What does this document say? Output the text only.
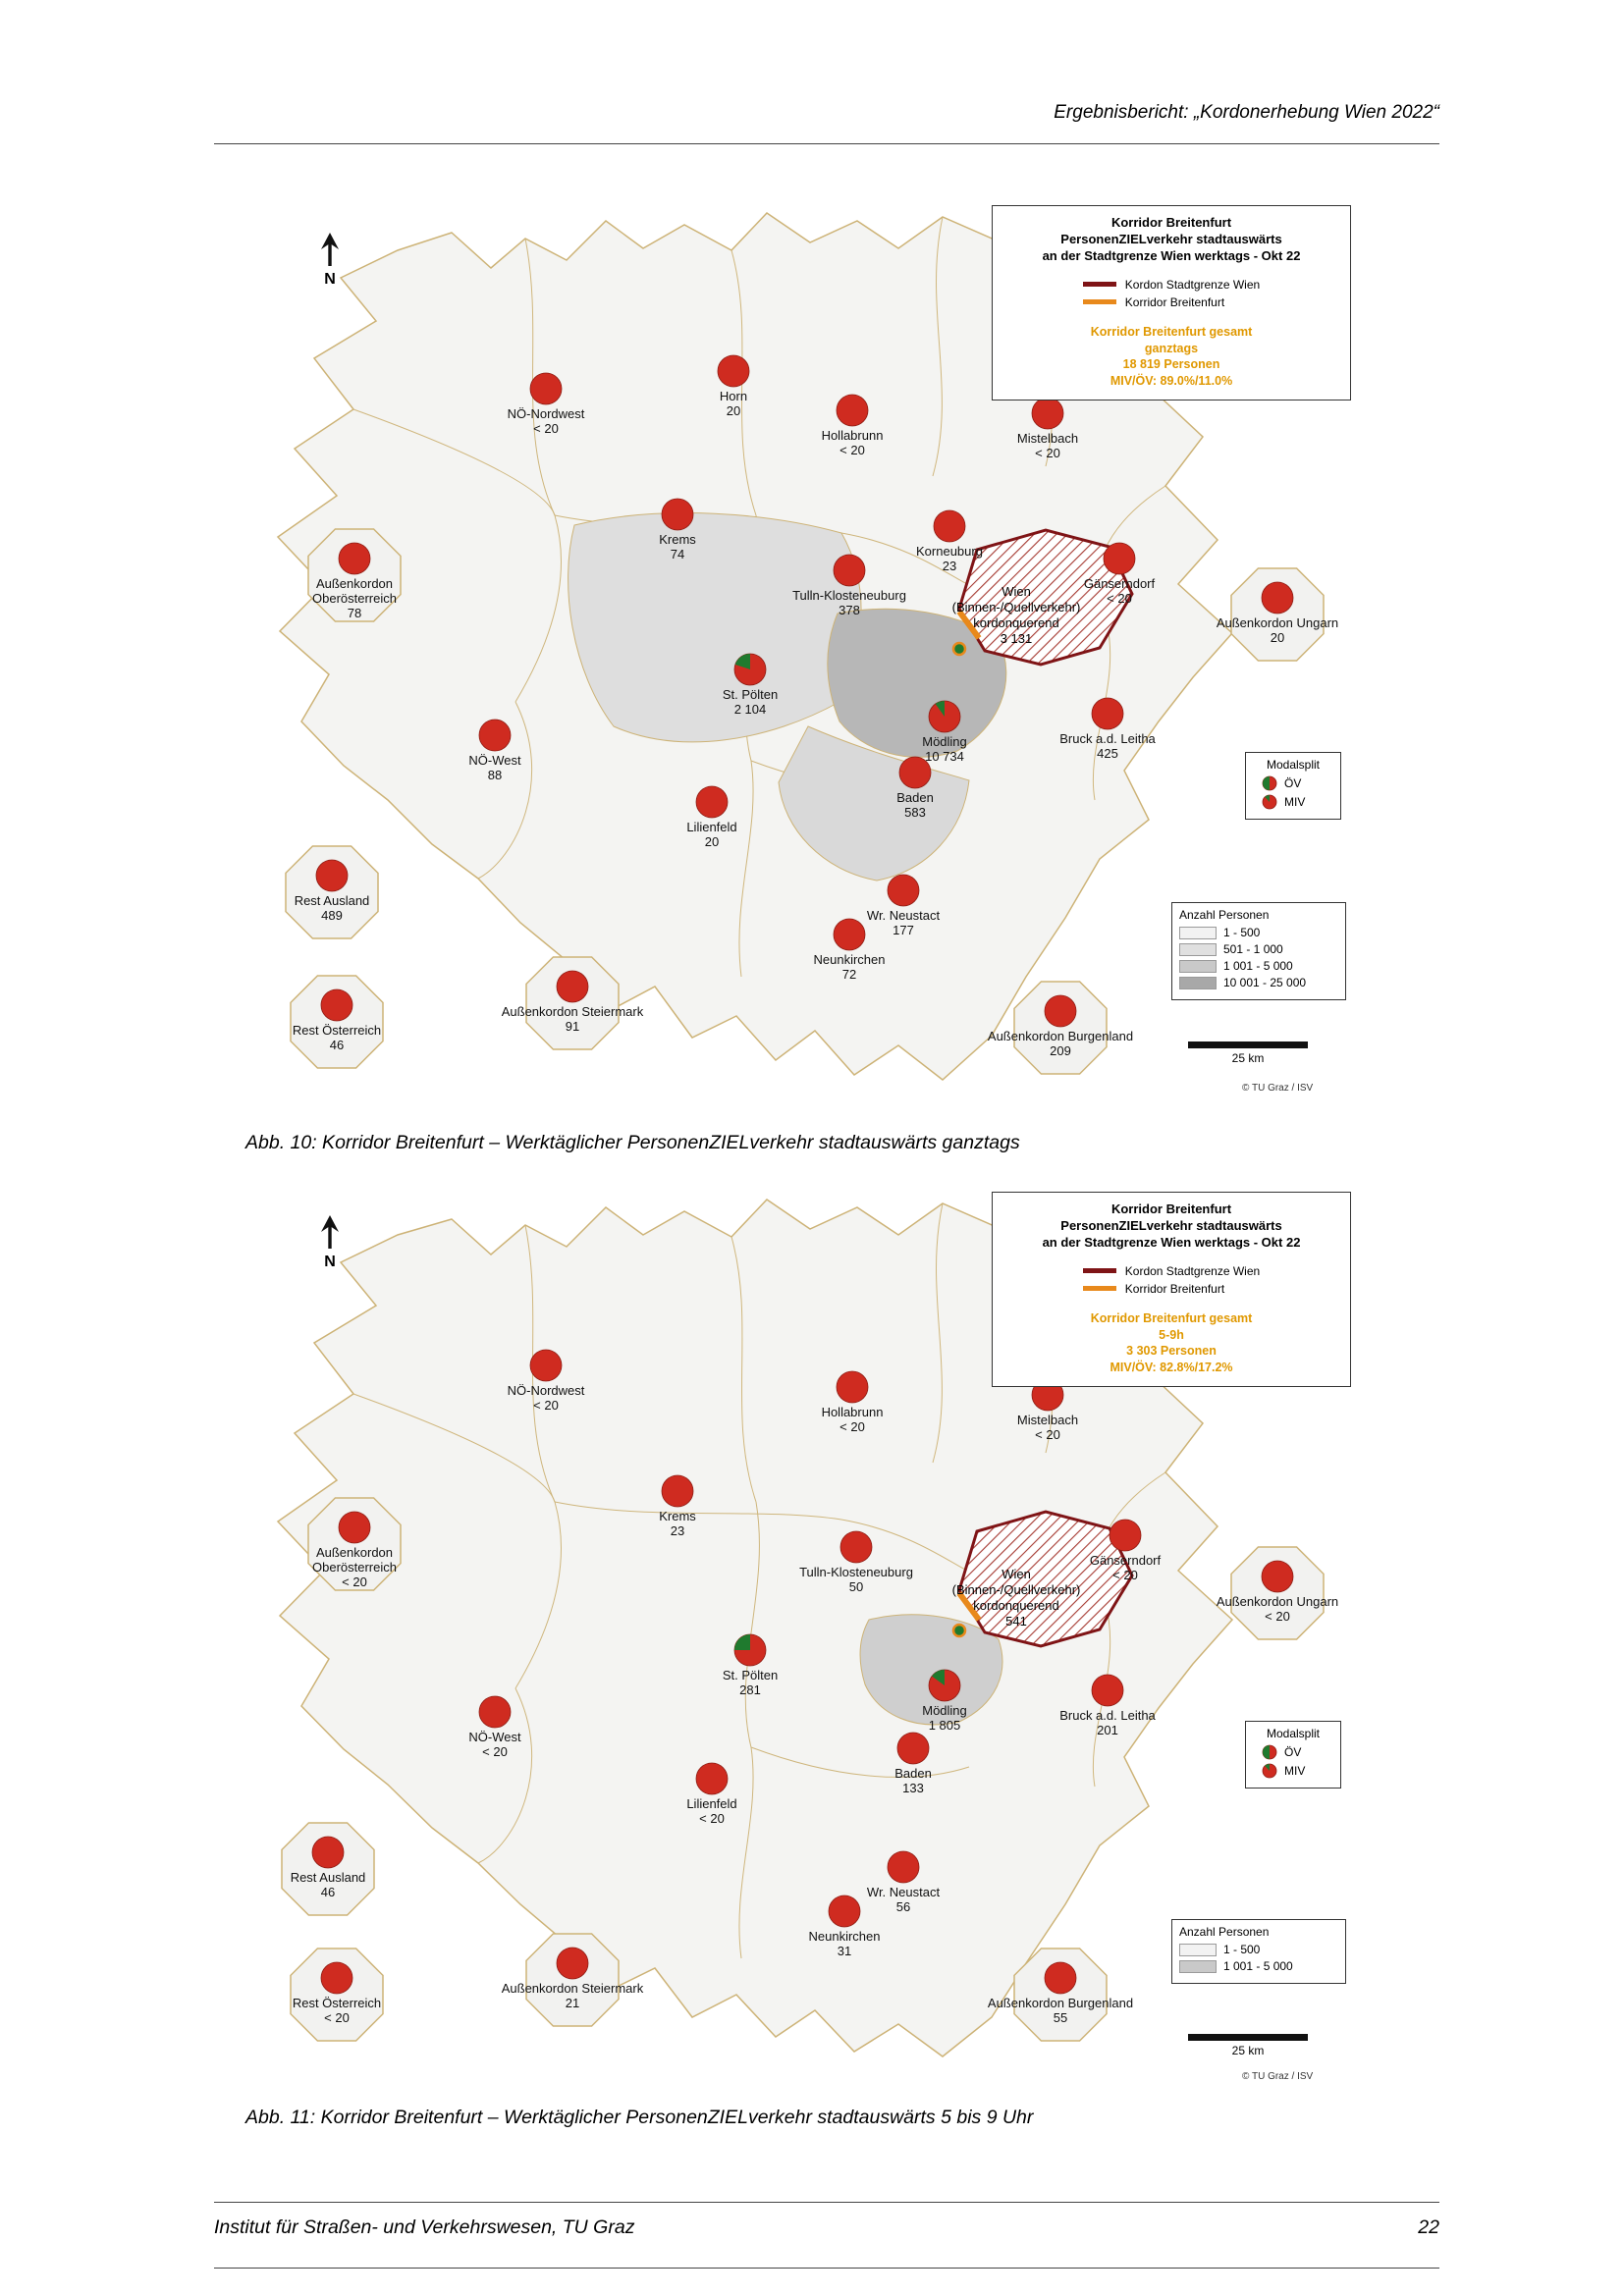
Ergebnisbericht: „Kordonerhebung Wien 2022“
N
Wien
(Binnen-/Quellverkehr)
kordonquerend
3 131
NÖ-Nordwest
< 20
Horn
20
Hollabrunn
< 20
Mistelbach
< 20
Krems
74	Korneuburg
23
Gänserndorf
< 20
Außenkordon Oberösterreich
78
Tulln-Klosteneuburg
378
Außenkordon Ungarn
20
St. Pölten
2 104
Mödling
10 734
Bruck a.d. Leitha
425
NÖ-West
88
Baden
583
Lilienfeld
20
Rest Ausland
489	Wr. Neustact
177
Neunkirchen
72
Rest Österreich
46
Außenkordon Steiermark
91
Außenkordon Burgenland
209
Korridor Breitenfurt
PersonenZIELverkehr stadtauswärts
an der Stadtgrenze Wien werktags - Okt 22
Kordon Stadtgrenze Wien
Korridor Breitenfurt
Korridor Breitenfurt gesamt
ganztags
18 819 Personen
MIV/ÖV: 89.0%/11.0%
Modalsplit
ÖV
MIV
Anzahl Personen
1 - 500
501 - 1 000
1 001 - 5 000
10 001 - 25 000
25 km
© TU Graz / ISV
Abb. 10: Korridor Breitenfurt – Werktäglicher PersonenZIELverkehr stadtauswärts ganztags
N
Wien
(Binnen-/Quellverkehr)
kordonquerend
541
NÖ-Nordwest
< 20	Hollabrunn
< 20	Mistelbach
< 20
Krems
23
Gänserndorf
< 20
Außenkordon Oberösterreich
< 20
Tulln-Klosteneuburg
50
Außenkordon Ungarn
< 20
St. Pölten
281
Mödling
1 805
Bruck a.d. Leitha
201
NÖ-West
< 20
Baden
133
Lilienfeld
< 20
Rest Ausland
46	Wr. Neustact
56
Neunkirchen
31
Rest Österreich
< 20
Außenkordon Steiermark
21	Außenkordon Burgenland
55
Korridor Breitenfurt
PersonenZIELverkehr stadtauswärts
an der Stadtgrenze Wien werktags - Okt 22
Kordon Stadtgrenze Wien
Korridor Breitenfurt
Korridor Breitenfurt gesamt
5-9h
3 303 Personen
MIV/ÖV: 82.8%/17.2%
Modalsplit
ÖV
MIV
Anzahl Personen
1 - 500
1 001 - 5 000
25 km
© TU Graz / ISV
Abb. 11: Korridor Breitenfurt – Werktäglicher PersonenZIELverkehr stadtauswärts 5 bis 9 Uhr
Institut für Straßen- und Verkehrswesen, TU Graz	22
